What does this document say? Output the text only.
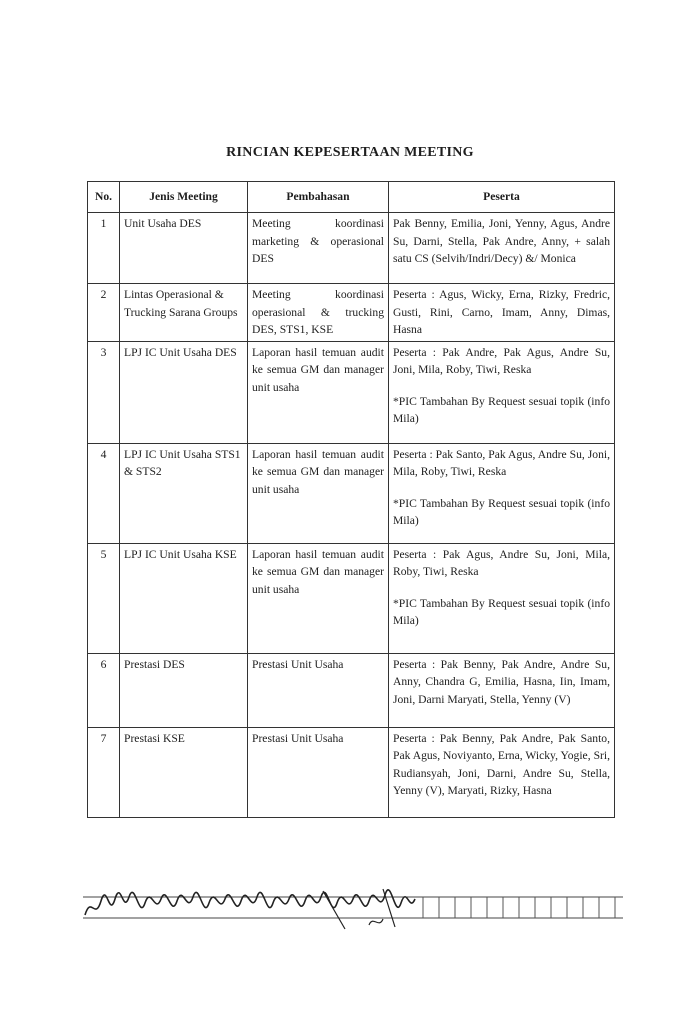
RINCIAN KEPESERTAAN MEETING
No.	Jenis Meeting	Pembahasan	Peserta
1	Unit Usaha DES	Meeting koordinasi marketing & operasional DES	Pak Benny, Emilia, Joni, Yenny, Agus, Andre Su, Darni, Stella, Pak Andre, Anny, + salah satu CS (Selvih/Indri/Decy) &/ Monica

2	Lintas Operasional & Trucking Sarana Groups	Meeting koordinasi operasional & trucking DES, STS1, KSE	Peserta : Agus, Wicky, Erna, Rizky, Fredric, Gusti, Rini, Carno, Imam, Anny, Dimas, Hasna

3	LPJ IC Unit Usaha DES	Laporan hasil temuan audit ke semua GM dan manager unit usaha	Peserta : Pak Andre, Pak Agus, Andre Su, Joni, Mila, Roby, Tiwi, Reska
*PIC Tambahan By Request sesuai topik (info Mila)

4	LPJ IC Unit Usaha STS1 & STS2	Laporan hasil temuan audit ke semua GM dan manager unit usaha	Peserta : Pak Santo, Pak Agus, Andre Su, Joni, Mila, Roby, Tiwi, Reska
*PIC Tambahan By Request sesuai topik (info Mila)

5	LPJ IC Unit Usaha KSE	Laporan hasil temuan audit ke semua GM dan manager unit usaha	Peserta : Pak Agus, Andre Su, Joni, Mila, Roby, Tiwi, Reska
*PIC Tambahan By Request sesuai topik (info Mila)

6	Prestasi DES	Prestasi Unit Usaha	Peserta : Pak Benny, Pak Andre, Andre Su, Anny, Chandra G, Emilia, Hasna, Iin, Imam, Joni, Darni Maryati, Stella, Yenny (V)

7	Prestasi KSE	Prestasi Unit Usaha	Peserta : Pak Benny, Pak Andre, Pak Santo, Pak Agus, Noviyanto, Erna, Wicky, Yogie, Sri, Rudiansyah, Joni, Darni, Andre Su, Stella, Yenny (V), Maryati, Rizky, Hasna
